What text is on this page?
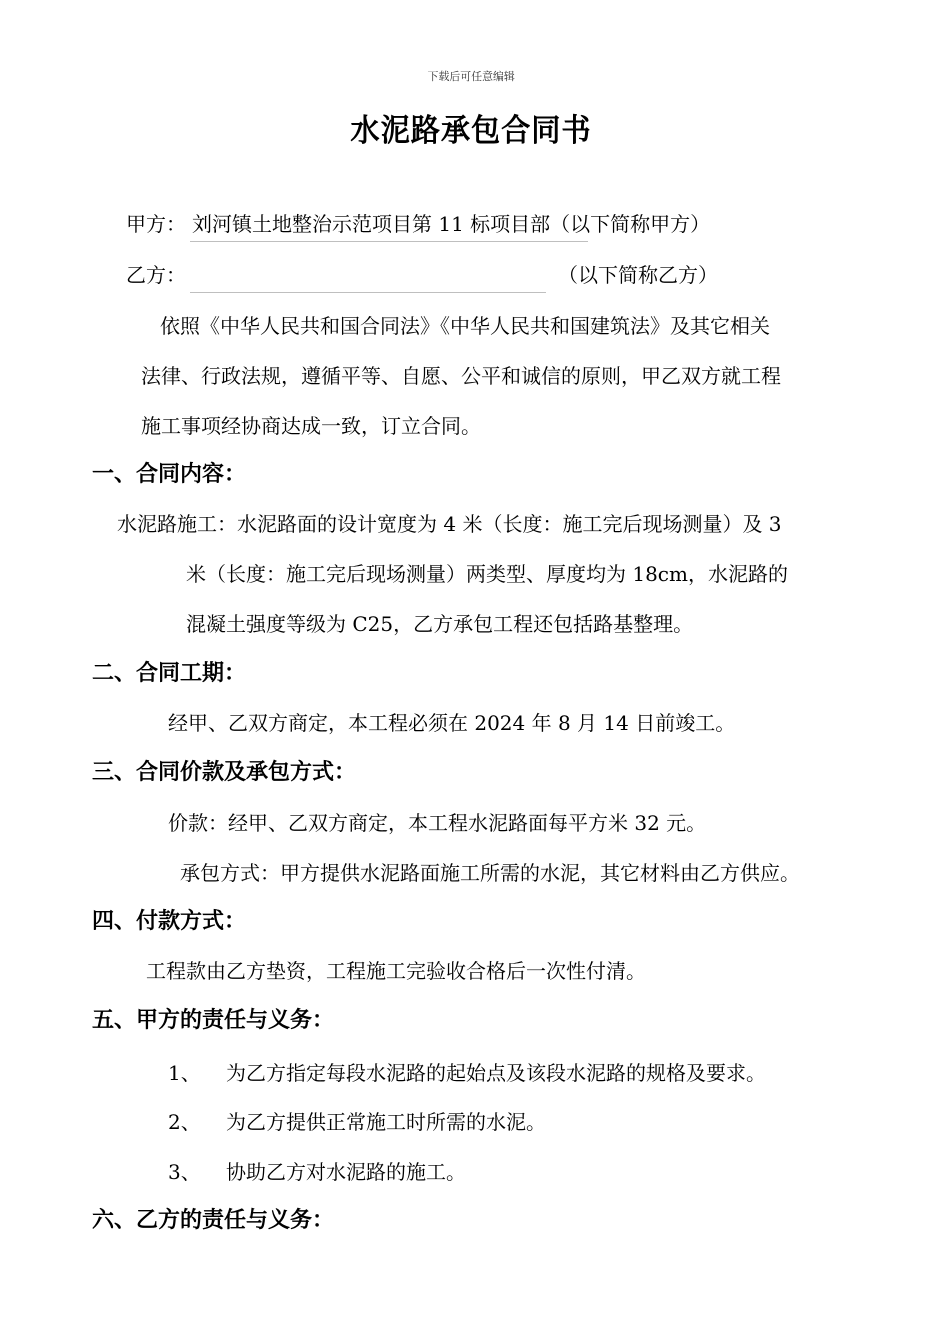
下载后可任意编辑
水泥路承包合同书
甲方： 刘河镇土地整治示范项目第 11 标项目部（以下简称甲方）
乙方：	（以下简称乙方）
依照《中华人民共和国合同法》《中华人民共和国建筑法》及其它相关
法律、行政法规，遵循平等、自愿、公平和诚信的原则，甲乙双方就工程
施工事项经协商达成一致，订立合同。
一、合同内容：
水泥路施工：水泥路面的设计宽度为 4 米（长度：施工完后现场测量）及 3
米（长度：施工完后现场测量）两类型、厚度均为 18cm，水泥路的
混凝土强度等级为 C25，乙方承包工程还包括路基整理。
二、合同工期：
经甲、乙双方商定，本工程必须在 2024 年 8 月 14 日前竣工。
三、合同价款及承包方式：
价款：经甲、乙双方商定，本工程水泥路面每平方米 32 元。
承包方式：甲方提供水泥路面施工所需的水泥，其它材料由乙方供应。
四、付款方式：
工程款由乙方垫资，工程施工完验收合格后一次性付清。
五、甲方的责任与义务：
1、 为乙方指定每段水泥路的起始点及该段水泥路的规格及要求。
2、 为乙方提供正常施工时所需的水泥。
3、 协助乙方对水泥路的施工。
六、乙方的责任与义务：
